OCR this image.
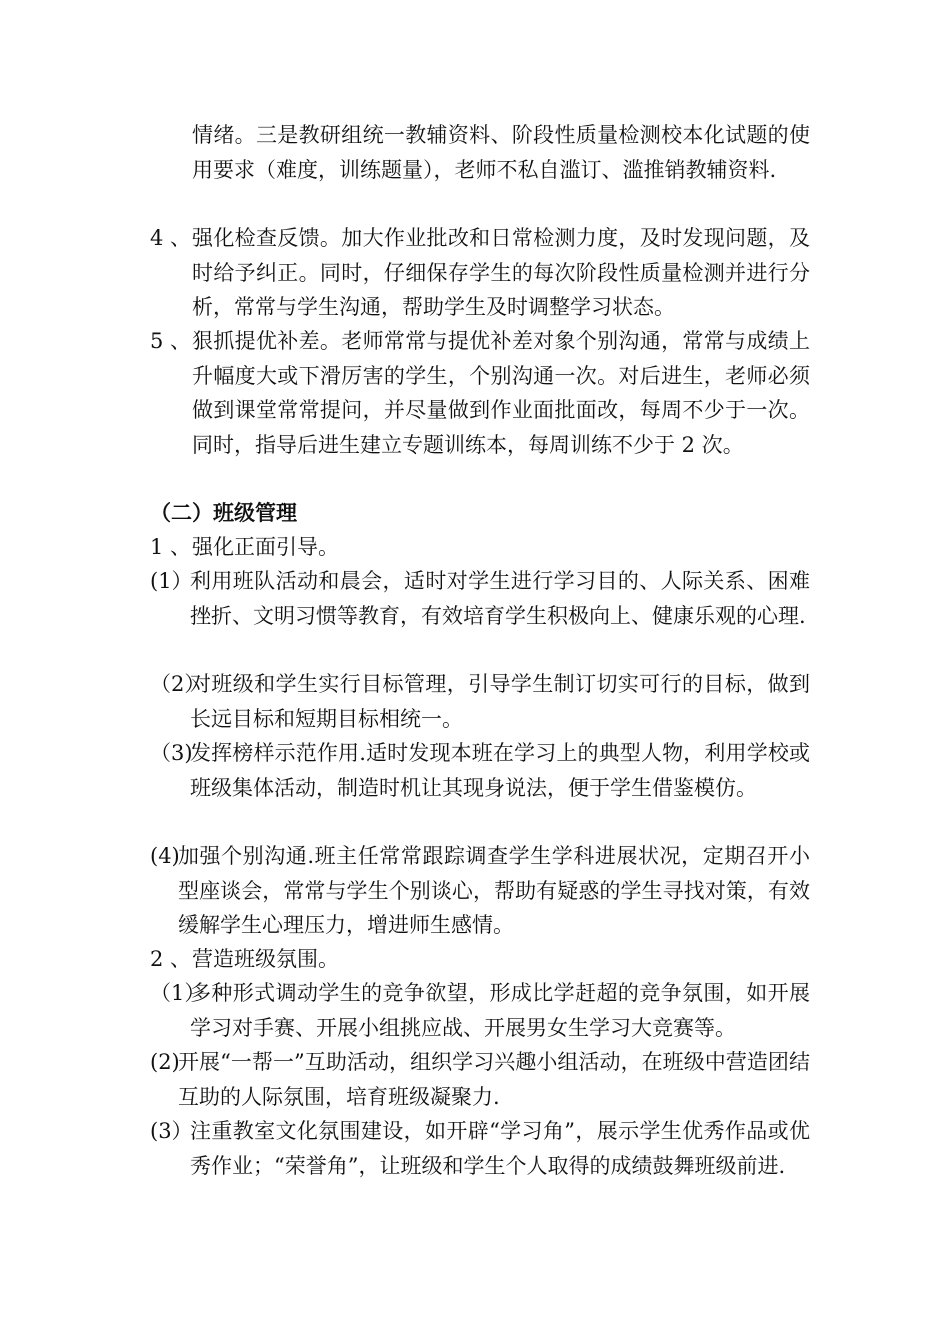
情绪。三是教研组统一教辅资料、阶段性质量检测校本化试题的使用要求（难度，训练题量），老师不私自滥订、滥推销教辅资料.
4 、 强化检查反馈。加大作业批改和日常检测力度，及时发现问题，及时给予纠正。同时，仔细保存学生的每次阶段性质量检测并进行分析，常常与学生沟通，帮助学生及时调整学习状态。
5 、 狠抓提优补差。老师常常与提优补差对象个别沟通，常常与成绩上升幅度大或下滑厉害的学生，个别沟通一次。对后进生，老师必须做到课堂常常提问，并尽量做到作业面批面改，每周不少于一次。同时，指导后进生建立专题训练本，每周训练不少于 2 次。
（二）班级管理
1 、 强化正面引导。
(1）
利用班队活动和晨会，适时对学生进行学习目的、人际关系、困难挫折、文明习惯等教育，有效培育学生积极向上、健康乐观的心理.
（2）
对班级和学生实行目标管理，引导学生制订切实可行的目标，做到长远目标和短期目标相统一。
（3)
发挥榜样示范作用.适时发现本班在学习上的典型人物，利用学校或班级集体活动，制造时机让其现身说法，便于学生借鉴模仿。
(4)
加强个别沟通.班主任常常跟踪调查学生学科进展状况，定期召开小型座谈会，常常与学生个别谈心，帮助有疑惑的学生寻找对策，有效缓解学生心理压力，增进师生感情。
2 、 营造班级氛围。
（1）
多种形式调动学生的竞争欲望，形成比学赶超的竞争氛围，如开展学习对手赛、开展小组挑应战、开展男女生学习大竞赛等。
(2)
开展“一帮一”互助活动，组织学习兴趣小组活动，在班级中营造团结互助的人际氛围，培育班级凝聚力.
(3）
注重教室文化氛围建设，如开辟“学习角”，展示学生优秀作品或优秀作业；“荣誉角”，让班级和学生个人取得的成绩鼓舞班级前进.
